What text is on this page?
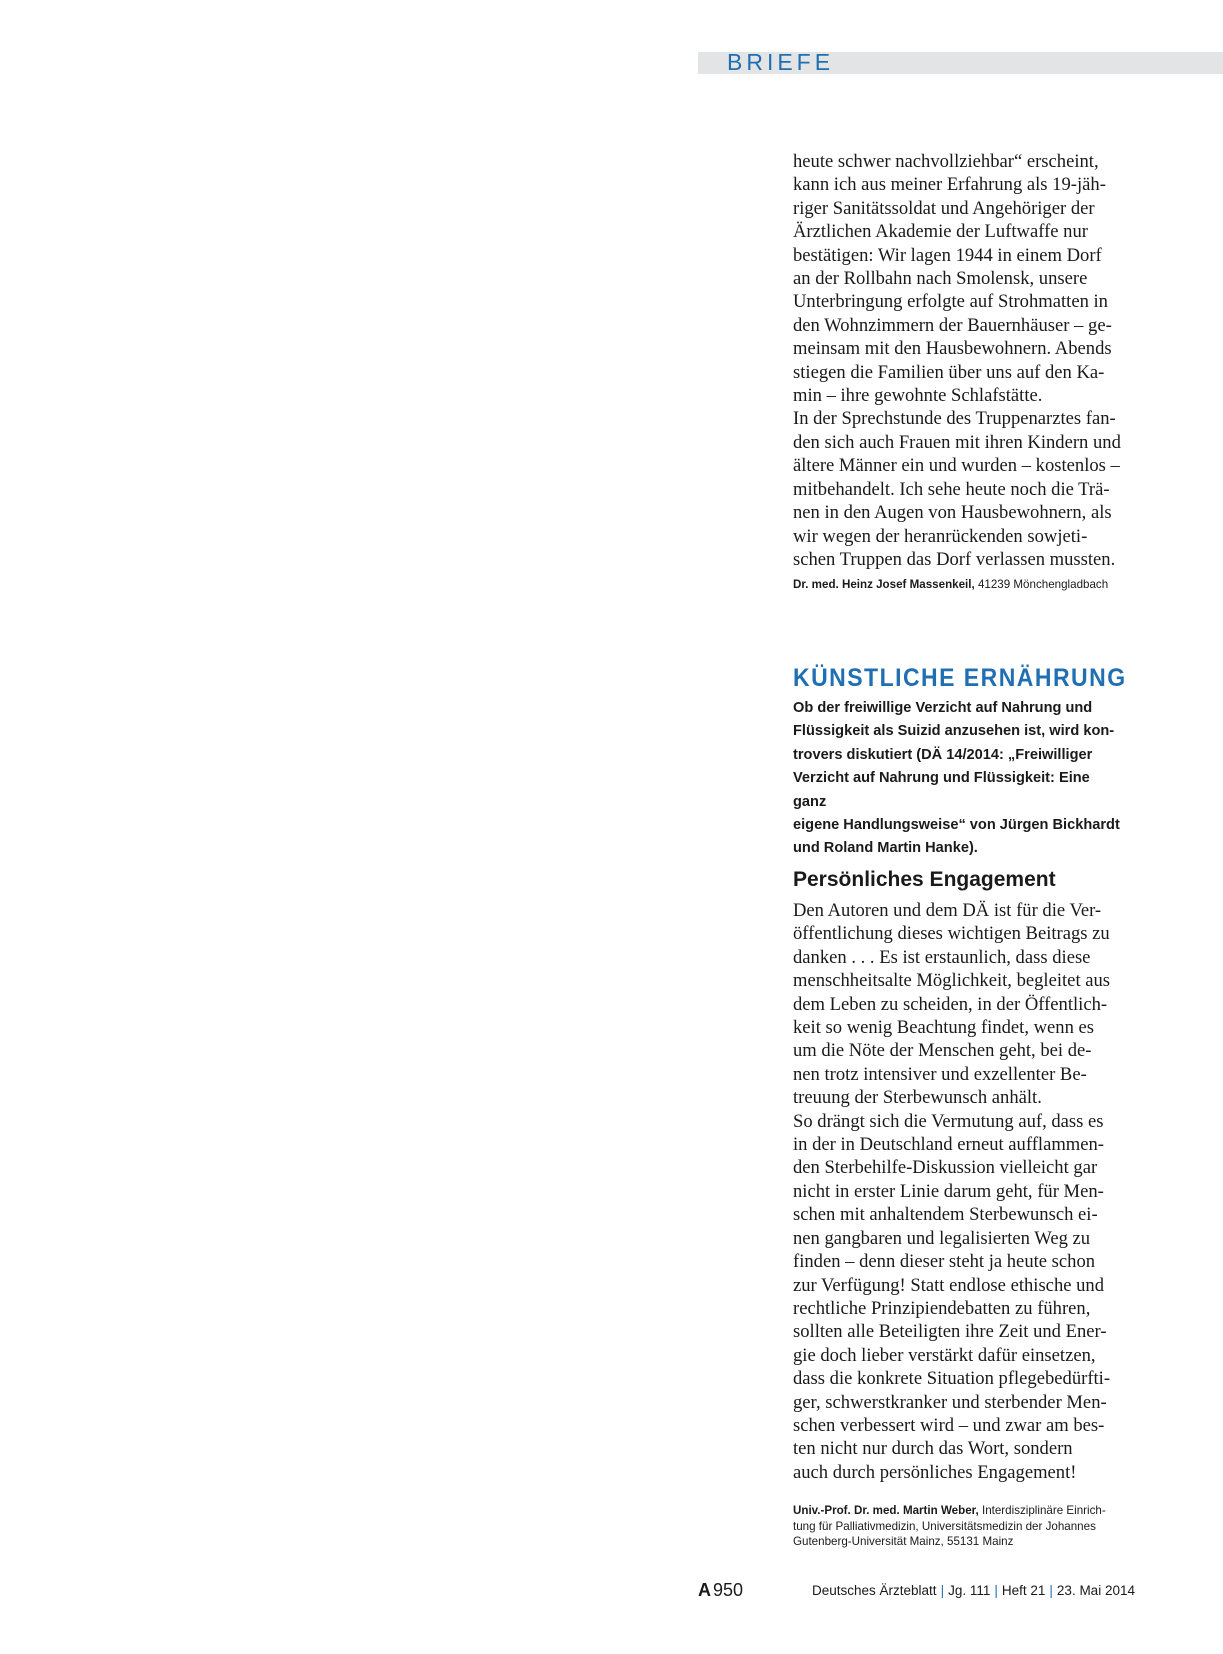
BRIEFE

heute schwer nachvollziehbar“ erscheint,
kann ich aus meiner Erfahrung als 19-jäh-
riger Sanitätssoldat und Angehöriger der
Ärztlichen Akademie der Luftwaffe nur
bestätigen: Wir lagen 1944 in einem Dorf
an der Rollbahn nach Smolensk, unsere
Unterbringung erfolgte auf Strohmatten in
den Wohnzimmern der Bauernhäuser – ge-
meinsam mit den Hausbewohnern. Abends
stiegen die Familien über uns auf den Ka-
min – ihre gewohnte Schlafstätte.
In der Sprechstunde des Truppenarztes fan-
den sich auch Frauen mit ihren Kindern und
ältere Männer ein und wurden – kostenlos –
mitbehandelt. Ich sehe heute noch die Trä-
nen in den Augen von Hausbewohnern, als
wir wegen der heranrückenden sowjeti-
schen Truppen das Dorf verlassen mussten.

Dr. med. Heinz Josef Massenkeil, 41239 Mönchengladbach

KÜNSTLICHE ERNÄHRUNG

Ob der freiwillige Verzicht auf Nahrung und
Flüssigkeit als Suizid anzusehen ist, wird kon-
trovers diskutiert (DÄ 14/2014: „Freiwilliger
Verzicht auf Nahrung und Flüssigkeit: Eine ganz
eigene Handlungsweise“ von Jürgen Bickhardt
und Roland Martin Hanke).

Persönliches Engagement

Den Autoren und dem DÄ ist für die Ver-
öffentlichung dieses wichtigen Beitrags zu
danken . . . Es ist erstaunlich, dass diese
menschheitsalte Möglichkeit, begleitet aus
dem Leben zu scheiden, in der Öffentlich-
keit so wenig Beachtung findet, wenn es
um die Nöte der Menschen geht, bei de-
nen trotz intensiver und exzellenter Be-
treuung der Sterbewunsch anhält.
So drängt sich die Vermutung auf, dass es
in der in Deutschland erneut aufflammen-
den Sterbehilfe-Diskussion vielleicht gar
nicht in erster Linie darum geht, für Men-
schen mit anhaltendem Sterbewunsch ei-
nen gangbaren und legalisierten Weg zu
finden – denn dieser steht ja heute schon
zur Verfügung! Statt endlose ethische und
rechtliche Prinzipiendebatten zu führen,
sollten alle Beteiligten ihre Zeit und Ener-
gie doch lieber verstärkt dafür einsetzen,
dass die konkrete Situation pflegebedürfti-
ger, schwerstkranker und sterbender Men-
schen verbessert wird – und zwar am bes-
ten nicht nur durch das Wort, sondern
auch durch persönliches Engagement!

Univ.-Prof. Dr. med. Martin Weber, Interdisziplinäre Einrich-
tung für Palliativmedizin, Universitätsmedizin der Johannes
Gutenberg-Universität Mainz, 55131 Mainz

A 950	Deutsches Ärzteblatt | Jg. 111 | Heft 21 | 23. Mai 2014
